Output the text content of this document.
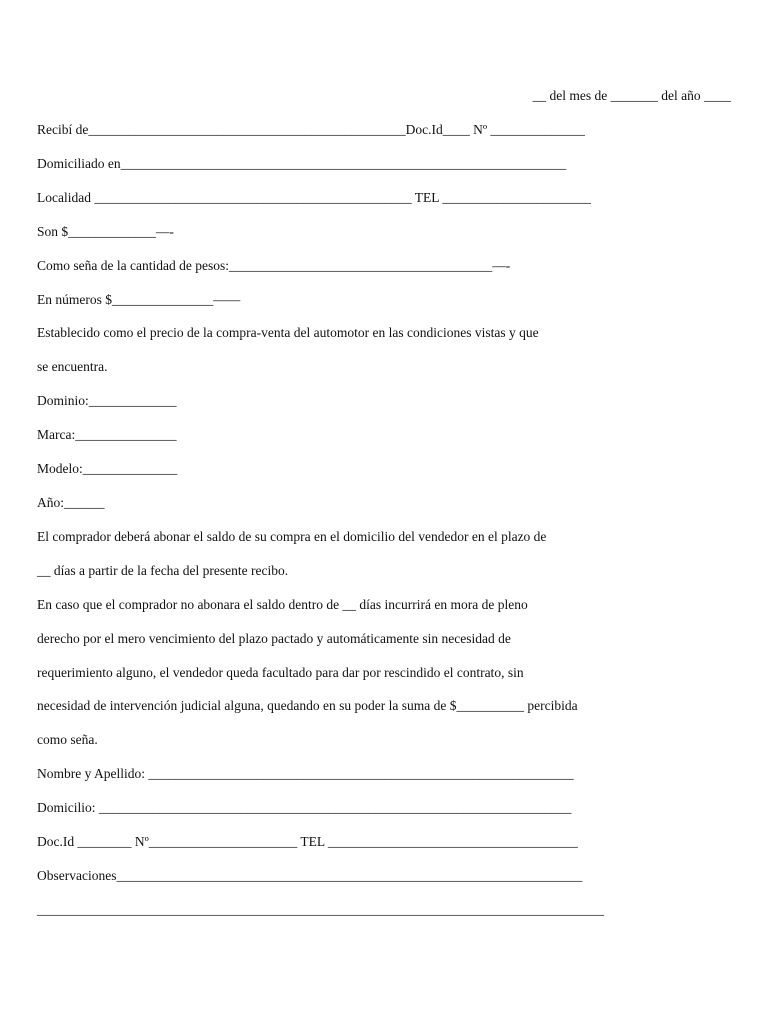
__ del mes de _______ del año ____
Recibí de_______________________________________________Doc.Id____ Nº ______________
Domiciliado en__________________________________________________________________
Localidad _______________________________________________ TEL ______________________
Son $_____________—-
Como seña de la cantidad de pesos:_______________________________________—-
En números $_______________——
Establecido como el precio de la compra-venta del automotor en las condiciones vistas y que
se encuentra.
Dominio:_____________
Marca:_______________
Modelo:______________
Año:______
El comprador deberá abonar el saldo de su compra en el domicilio del vendedor en el plazo de
__ días a partir de la fecha del presente recibo.
En caso que el comprador no abonara el saldo dentro de __ días incurrirá en mora de pleno
derecho por el mero vencimiento del plazo pactado y automáticamente sin necesidad de
requerimiento alguno, el vendedor queda facultado para dar por rescindido el contrato, sin
necesidad de intervención judicial alguna, quedando en su poder la suma de $__________ percibida
como seña.
Nombre y Apellido: _______________________________________________________________
Domicilio: ______________________________________________________________________
Doc.Id ________ Nº______________________ TEL _____________________________________
Observaciones_____________________________________________________________________
____________________________________________________________________________________
